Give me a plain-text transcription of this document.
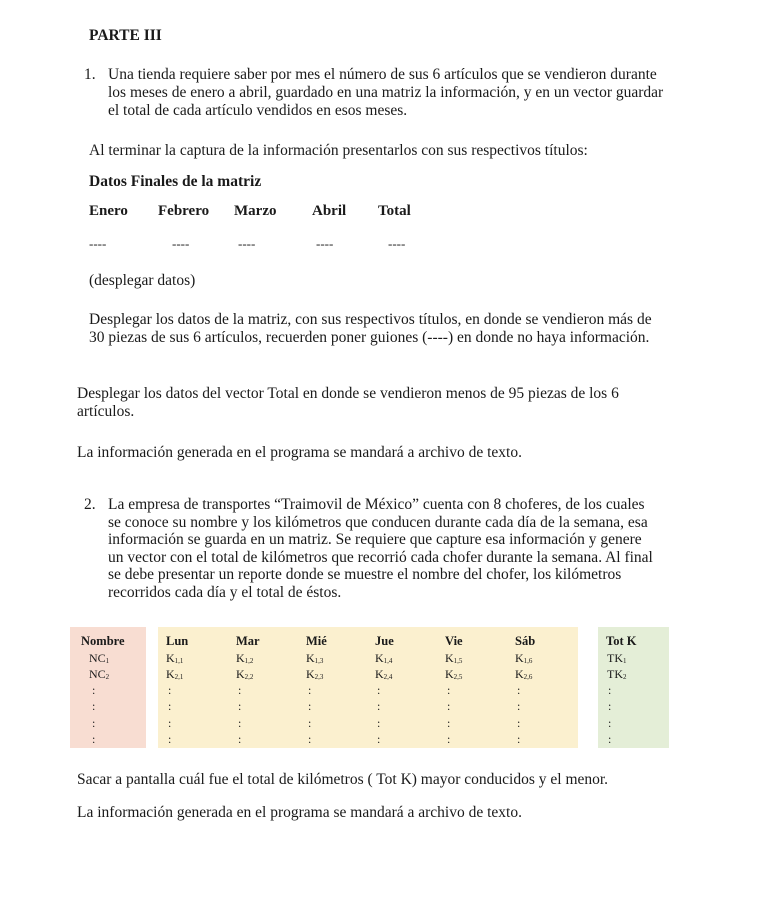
PARTE III
1. Una tienda requiere saber por mes el número de sus 6 artículos que se vendieron durante
los meses de enero a abril, guardado en una matriz la información, y en un vector guardar
el total de cada artículo vendidos en esos meses.
Al terminar la captura de la información presentarlos con sus respectivos títulos:
Datos Finales de la matriz
Enero Febrero Marzo Abril Total
----	----	----	----	----
(desplegar datos)
Desplegar los datos de la matriz, con sus respectivos títulos, en donde se vendieron más de
30 piezas de sus 6 artículos, recuerden poner guiones (----) en donde no haya información.
Desplegar los datos del vector Total en donde se vendieron menos de 95 piezas de los 6
artículos.
La información generada en el programa se mandará a archivo de texto.
2. La empresa de transportes “Traimovil de México” cuenta con 8 choferes, de los cuales
se conoce su nombre y los kilómetros que conducen durante cada día de la semana, esa
información se guarda en un matriz. Se requiere que capture esa información y genere
un vector con el total de kilómetros que recorrió cada chofer durante la semana. Al final
se debe presentar un reporte donde se muestre el nombre del chofer, los kilómetros
recorridos cada día y el total de éstos.
Nombre	Lun	Mar	Mié	Jue	Vie	Sáb	Tot K
$NC_1$	$K_{1,1}$	$K_{1,2}$	$K_{1,3}$	$K_{1,4}$	$K_{1,5}$	$K_{1,6}$	$TK_1$
$NC_2$	$K_{2,1}$	$K_{2,2}$	$K_{2,3}$	$K_{2,4}$	$K_{2,5}$	$K_{2,6}$	$TK_2$
:	:	:	:	:	:	:	:
:	:	:	:	:	:	:	:
:	:	:	:	:	:	:	:
:	:	:	:	:	:	:	:
Sacar a pantalla cuál fue el total de kilómetros ( Tot K) mayor conducidos y el menor.
La información generada en el programa se mandará a archivo de texto.
